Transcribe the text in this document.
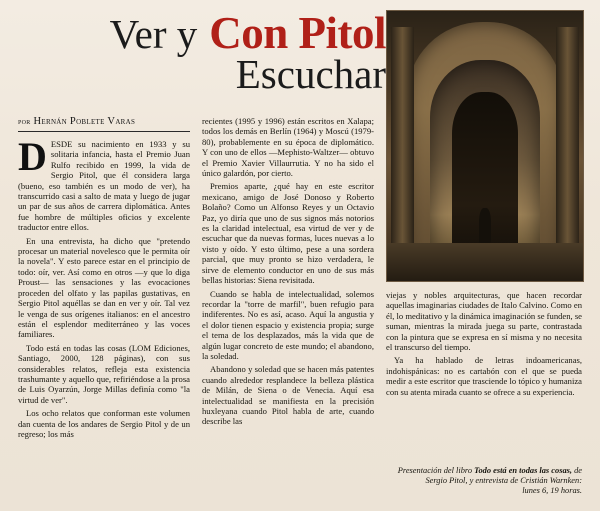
Ver y Con Pitol
Escuchar
por Hernán Poblete Varas

DESDE su nacimiento en 1933 y su solitaria infancia, hasta el Premio Juan Rulfo recibido en 1999, la vida de Sergio Pitol, que él considera larga (bueno, eso también es un modo de ver), ha transcurrido casi a salto de mata y luego de jugar un par de sus años de carrera diplomática. Antes fue hombre de múltiples oficios y excelente traductor entre ellos.

En una entrevista, ha dicho que "pretendo procesar un material novelesco que le permita oír la novela". Y esto parece estar en el principio de todo: oír, ver. Así como en otros —y que lo diga Proust— las sensaciones y las evocaciones proceden del olfato y las papilas gustativas, en Sergio Pitol aquéllas se dan en ver y oír. Tal vez le venga de sus orígenes italianos: en el ancestro están el esplendor mediterráneo y las voces familiares.

Todo está en todas las cosas (LOM Ediciones, Santiago, 2000, 128 páginas), con sus considerables relatos, refleja esta existencia trashumante y aquello que, refiriéndose a la prosa de Luis Oyarzún, Jorge Millas definía como "la virtud de ver".

Los ocho relatos que conforman este volumen dan cuenta de los andares de Sergio Pitol y de un regreso; los más

recientes (1995 y 1996) están escritos en Xalapa; todos los demás en Berlín (1964) y Moscú (1979-80), probablemente en su época de diplomático. Y con uno de ellos —Mephisto-Waltzer— obtuvo el Premio Xavier Villaurrutia. Y no ha sido el único galardón, por cierto.

Premios aparte, ¿qué hay en este escritor mexicano, amigo de José Donoso y Roberto Bolaño? Como un Alfonso Reyes y un Octavio Paz, yo diría que uno de sus signos más notorios es la claridad intelectual, esa virtud de ver y de escuchar que da nuevas formas, luces nuevas a lo visto y oído. Y esto último, pese a una sordera parcial, que muy pronto se hizo verdadera, le sirve de elemento conductor en uno de sus más bellas historias: Siena revisitada.

Cuando se habla de intelectualidad, solemos recordar la "torre de marfil", buen refugio para indiferentes. No es así, acaso. Aquí la angustia y el dolor tienen espacio y existencia propia; surge el tema de los desplazados, más la vida que de algún lugar concreto de este mundo; el abandono, la soledad.

Abandono y soledad que se hacen más patentes cuando alrededor resplandece la belleza plástica de Milán, de Siena o de Venecia. Aquí esa intelectualidad se manifiesta en la precisión huxleyana cuando Pitol habla de arte, cuando describe las

viejas y nobles arquitecturas, que hacen recordar aquellas imaginarias ciudades de Italo Calvino. Como en él, lo meditativo y la dinámica imaginación se funden, se suman, mientras la mirada juega su parte, contrastada con la pintura que se expresa en sí misma y no necesita el transcurso del tiempo.

Ya ha hablado de letras indoamericanas, indohispánicas: no es cartabón con el que se pueda medir a este escritor que trasciende lo tópico y humaniza con su atenta mirada cuanto se ofrece a su experiencia.

Presentación del libro Todo está en todas las cosas, de Sergio Pitol, y entrevista de Cristián Warnken:
lunes 6, 19 horas.
